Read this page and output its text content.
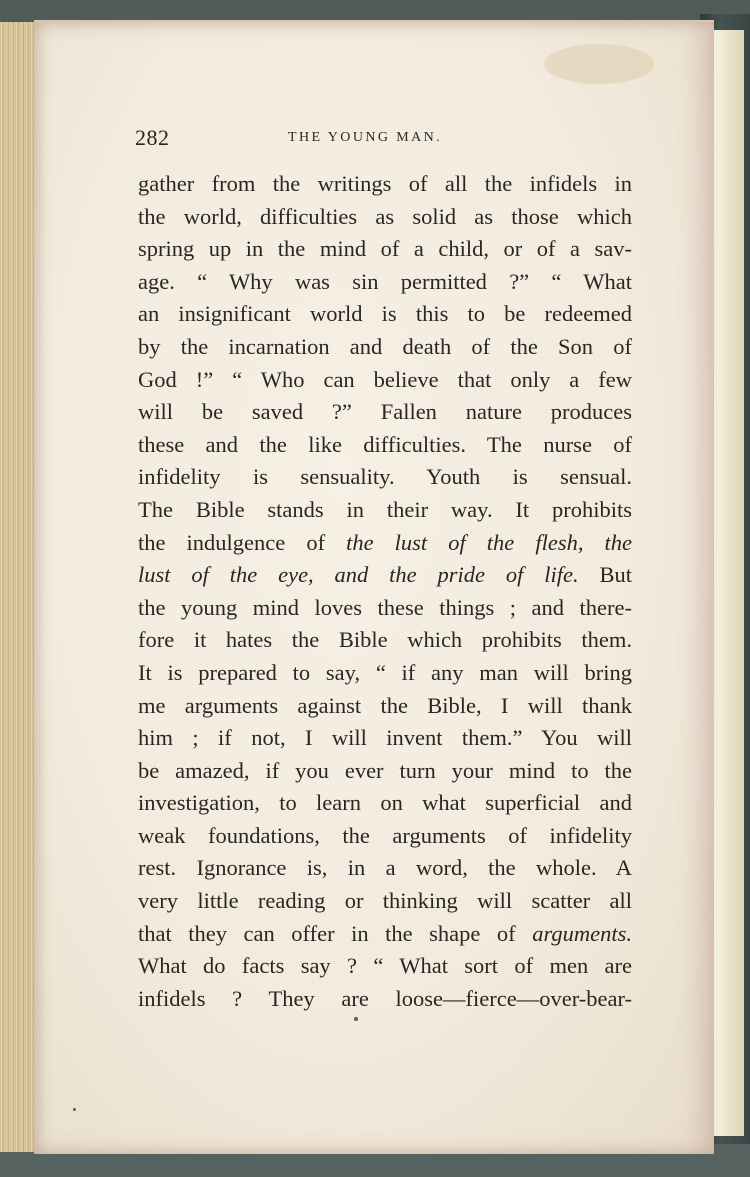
282	THE YOUNG MAN.
gather from the writings of all the infidels in
the world, difficulties as solid as those which
spring up in the mind of a child, or of a sav-
age. “ Why was sin permitted ?” “ What
an insignificant world is this to be redeemed
by the incarnation and death of the Son of
God !” “ Who can believe that only a few
will be saved ?” Fallen nature produces
these and the like difficulties. The nurse of
infidelity is sensuality. Youth is sensual.
The Bible stands in their way. It prohibits
the indulgence of the lust of the flesh, the
lust of the eye, and the pride of life. But
the young mind loves these things ; and there-
fore it hates the Bible which prohibits them.
It is prepared to say, “ if any man will bring
me arguments against the Bible, I will thank
him ; if not, I will invent them.” You will
be amazed, if you ever turn your mind to the
investigation, to learn on what superficial and
weak foundations, the arguments of infidelity
rest. Ignorance is, in a word, the whole. A
very little reading or thinking will scatter all
that they can offer in the shape of arguments.
What do facts say ? “ What sort of men are
infidels ? They are loose—fierce—over-bear-
